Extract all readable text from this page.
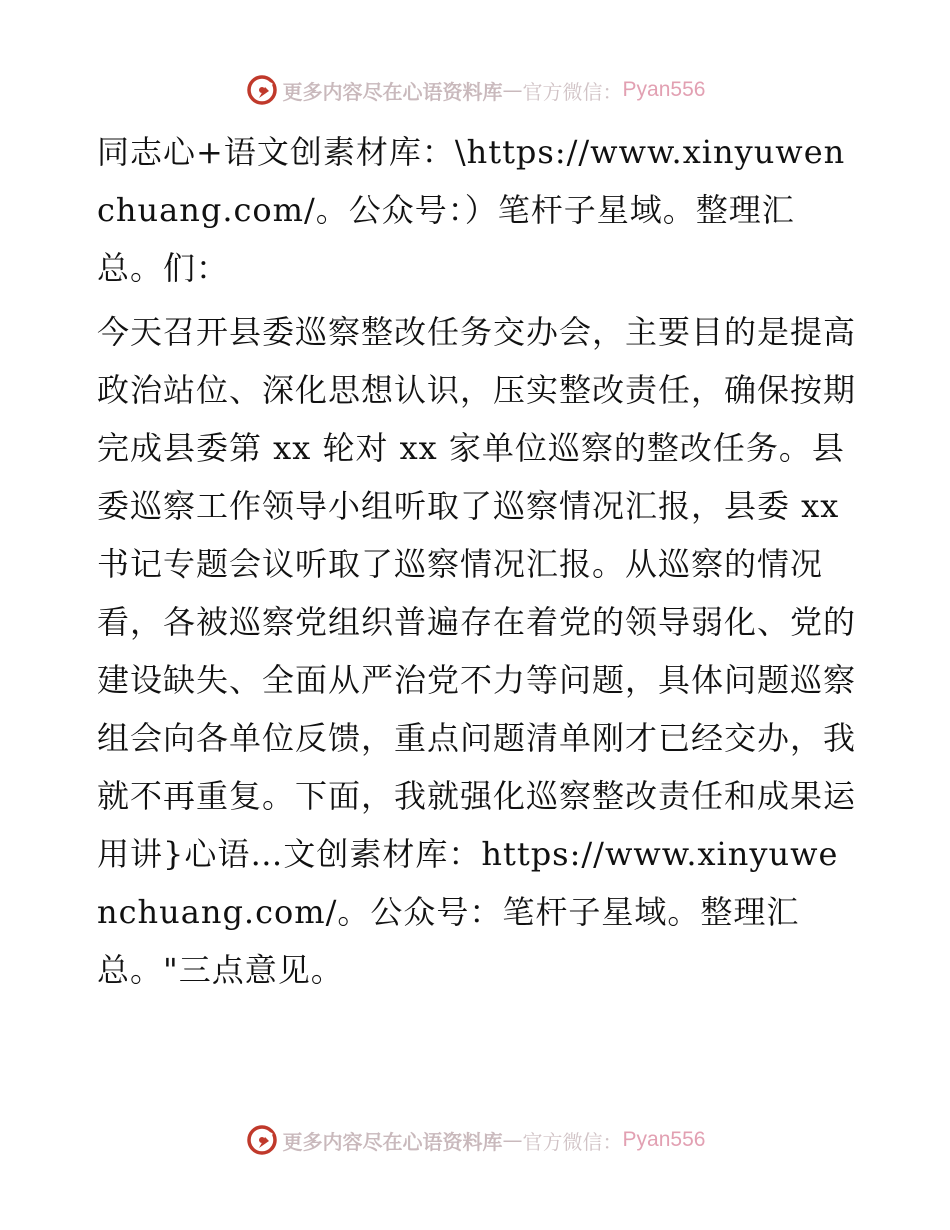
更多内容尽在心语资料库 — 官方微信： Pyan556

同志心+语文创素材库：\https://www.xinyuwenchuang.com/。公众号：）笔杆子星域。整理汇总。们：

今天召开县委巡察整改任务交办会，主要目的是提高政治站位、深化思想认识，压实整改责任，确保按期完成县委第 xx 轮对 xx 家单位巡察的整改任务。县委巡察工作领导小组听取了巡察情况汇报，县委 xx 书记专题会议听取了巡察情况汇报。从巡察的情况看，各被巡察党组织普遍存在着党的领导弱化、党的建设缺失、全面从严治党不力等问题，具体问题巡察组会向各单位反馈，重点问题清单刚才已经交办，我就不再重复。下面，我就强化巡察整改责任和成果运用讲}心语…文创素材库：https://www.xinyuwenchuang.com/。公众号：笔杆子星域。整理汇总。"三点意见。

更多内容尽在心语资料库 — 官方微信： Pyan556
